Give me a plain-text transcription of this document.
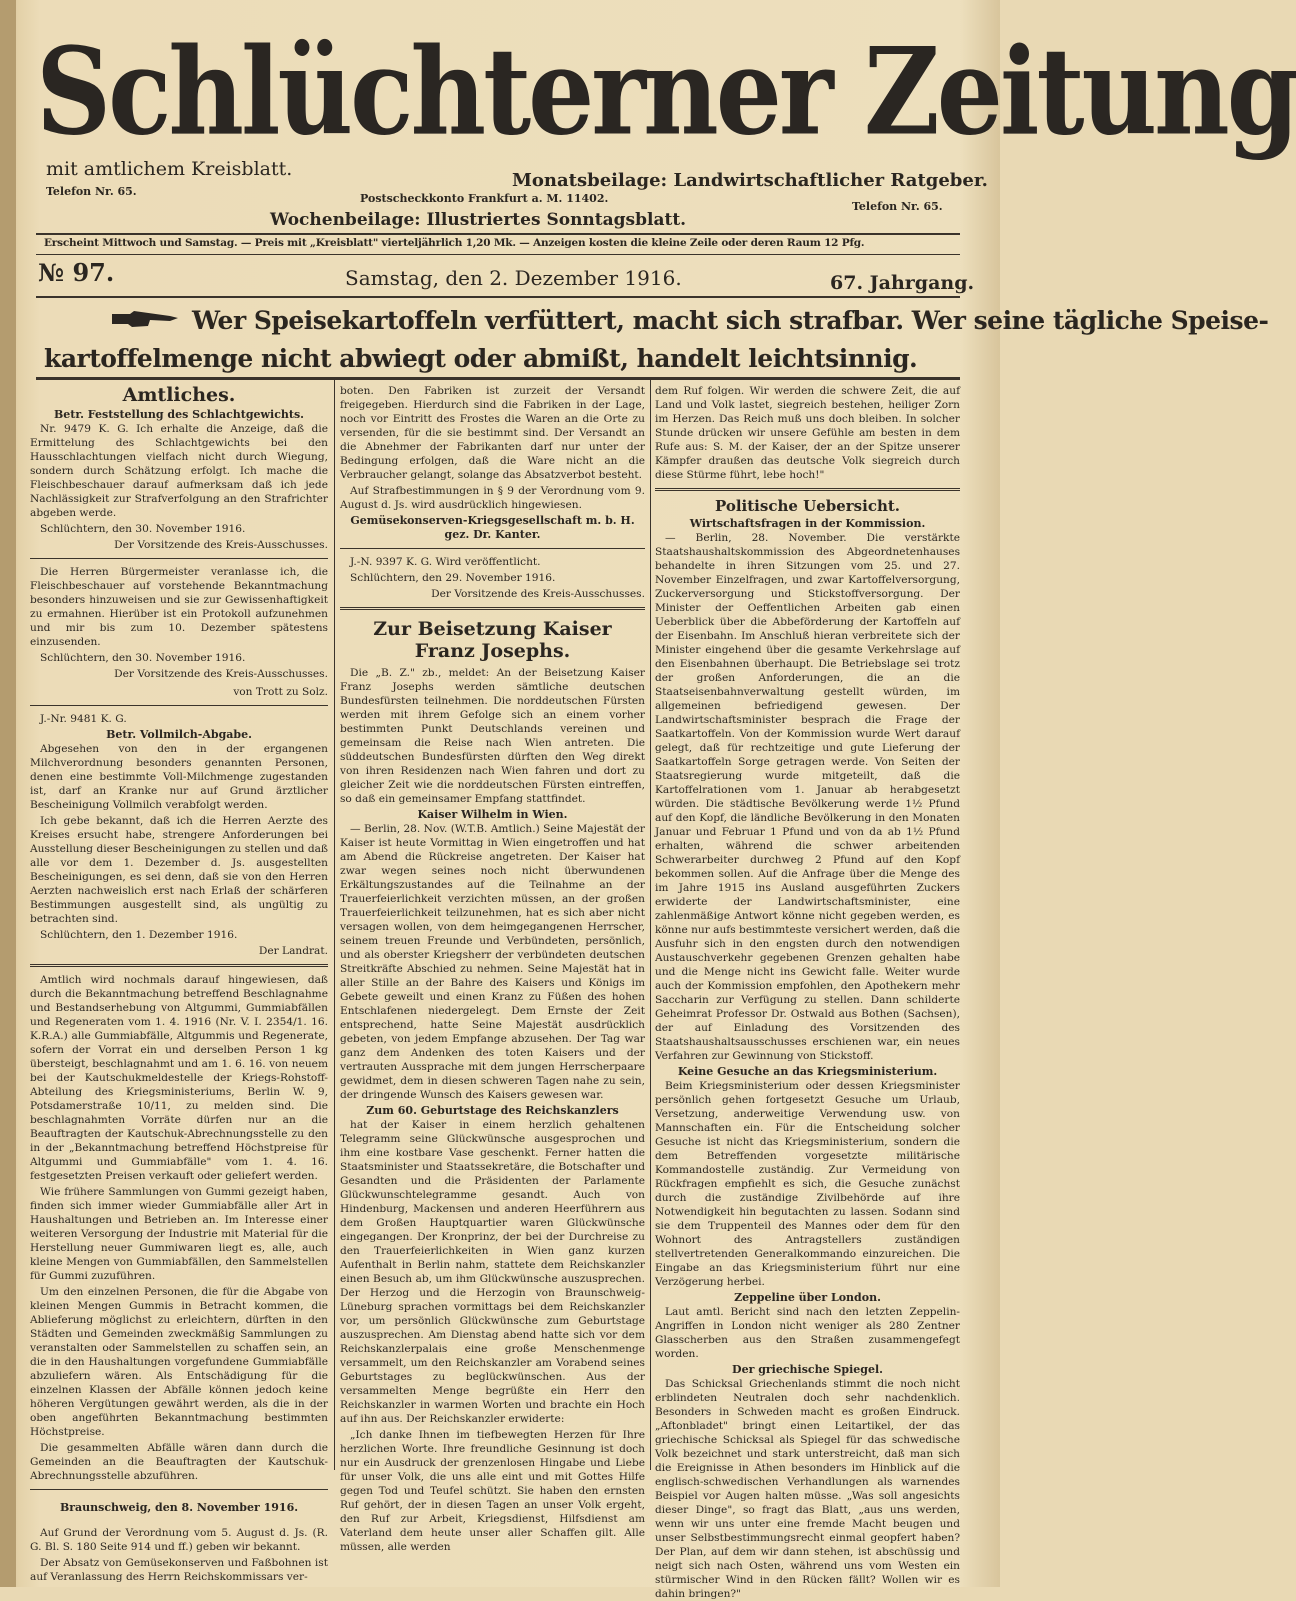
Schlüchterner Zeitung
mit amtlichem Kreisblatt.
Telefon Nr. 65.
Monatsbeilage: Landwirtschaftlicher Ratgeber.
Postscheckkonto Frankfurt a. M. 11402.
Telefon Nr. 65.
Wochenbeilage: Illustriertes Sonntagsblatt.
Erscheint Mittwoch und Samstag. — Preis mit „Kreisblatt" vierteljährlich 1,20 Mk. — Anzeigen kosten die kleine Zeile oder deren Raum 12 Pfg.
№ 97.	Samstag, den 2. Dezember 1916.	67. Jahrgang.
Wer Speisekartoffeln verfüttert, macht sich strafbar. Wer seine tägliche Speise-
kartoffelmenge nicht abwiegt oder abmißt, handelt leichtsinnig.
Amtliches.
Betr. Feststellung des Schlachtgewichts.

Nr. 9479 K. G. Ich erhalte die Anzeige, daß die Ermittelung des Schlachtgewichts bei den Hausschlachtungen vielfach nicht durch Wiegung, sondern durch Schätzung erfolgt. Ich mache die Fleischbeschauer darauf aufmerksam daß ich jede Nachlässigkeit zur Strafverfolgung an den Strafrichter abgeben werde.

Schlüchtern, den 30. November 1916.

Der Vorsitzende des Kreis-Ausschusses.

Die Herren Bürgermeister veranlasse ich, die Fleischbeschauer auf vorstehende Bekanntmachung besonders hinzuweisen und sie zur Gewissenhaftigkeit zu ermahnen. Hierüber ist ein Protokoll aufzunehmen und mir bis zum 10. Dezember spätestens einzusenden.

Schlüchtern, den 30. November 1916.

Der Vorsitzende des Kreis-Ausschusses.

von Trott zu Solz.

J.-Nr. 9481 K. G.

Betr. Vollmilch-Abgabe.

Abgesehen von den in der ergangenen Milchverordnung besonders genannten Personen, denen eine bestimmte Voll-Milchmenge zugestanden ist, darf an Kranke nur auf Grund ärztlicher Bescheinigung Vollmilch verabfolgt werden.

Ich gebe bekannt, daß ich die Herren Aerzte des Kreises ersucht habe, strengere Anforderungen bei Ausstellung dieser Bescheinigungen zu stellen und daß alle vor dem 1. Dezember d. Js. ausgestellten Bescheinigungen, es sei denn, daß sie von den Herren Aerzten nachweislich erst nach Erlaß der schärferen Bestimmungen ausgestellt sind, als ungültig zu betrachten sind.

Schlüchtern, den 1. Dezember 1916.

Der Landrat.

Amtlich wird nochmals darauf hingewiesen, daß durch die Bekanntmachung betreffend Beschlagnahme und Bestandserhebung von Altgummi, Gummiabfällen und Regeneraten vom 1. 4. 1916 (Nr. V. I. 2354/1. 16. K.R.A.) alle Gummiabfälle, Altgummis und Regenerate, sofern der Vorrat ein und derselben Person 1 kg übersteigt, beschlagnahmt und am 1. 6. 16. von neuem bei der Kautschukmeldestelle der Kriegs-Rohstoff-Abteilung des Kriegsministeriums, Berlin W. 9, Potsdamerstraße 10/11, zu melden sind. Die beschlagnahmten Vorräte dürfen nur an die Beauftragten der Kautschuk-Abrechnungsstelle zu den in der „Bekanntmachung betreffend Höchstpreise für Altgummi und Gummiabfälle" vom 1. 4. 16. festgesetzten Preisen verkauft oder geliefert werden.

Wie frühere Sammlungen von Gummi gezeigt haben, finden sich immer wieder Gummiabfälle aller Art in Haushaltungen und Betrieben an. Im Interesse einer weiteren Versorgung der Industrie mit Material für die Herstellung neuer Gummiwaren liegt es, alle, auch kleine Mengen von Gummiabfällen, den Sammelstellen für Gummi zuzuführen.

Um den einzelnen Personen, die für die Abgabe von kleinen Mengen Gummis in Betracht kommen, die Ablieferung möglichst zu erleichtern, dürften in den Städten und Gemeinden zweckmäßig Sammlungen zu veranstalten oder Sammelstellen zu schaffen sein, an die in den Haushaltungen vorgefundene Gummiabfälle abzuliefern wären. Als Entschädigung für die einzelnen Klassen der Abfälle können jedoch keine höheren Vergütungen gewährt werden, als die in der oben angeführten Bekanntmachung bestimmten Höchstpreise.

Die gesammelten Abfälle wären dann durch die Gemeinden an die Beauftragten der Kautschuk-Abrechnungsstelle abzuführen.

Braunschweig, den 8. November 1916.

Auf Grund der Verordnung vom 5. August d. Js. (R. G. Bl. S. 180 Seite 914 und ff.) geben wir bekannt.

Der Absatz von Gemüsekonserven und Faßbohnen ist auf Veranlassung des Herrn Reichskommissars ver-

boten. Den Fabriken ist zurzeit der Versandt freigegeben. Hierdurch sind die Fabriken in der Lage, noch vor Eintritt des Frostes die Waren an die Orte zu versenden, für die sie bestimmt sind. Der Versandt an die Abnehmer der Fabrikanten darf nur unter der Bedingung erfolgen, daß die Ware nicht an die Verbraucher gelangt, solange das Absatzverbot besteht.

Auf Strafbestimmungen in § 9 der Verordnung vom 9. August d. Js. wird ausdrücklich hingewiesen.

Gemüsekonserven-Kriegsgesellschaft m. b. H.
gez. Dr. Kanter.

J.-N. 9397 K. G. Wird veröffentlicht.

Schlüchtern, den 29. November 1916.

Der Vorsitzende des Kreis-Ausschusses.

Zur Beisetzung Kaiser Franz Josephs.

Die „B. Z." zb., meldet: An der Beisetzung Kaiser Franz Josephs werden sämtliche deutschen Bundesfürsten teilnehmen. Die norddeutschen Fürsten werden mit ihrem Gefolge sich an einem vorher bestimmten Punkt Deutschlands vereinen und gemeinsam die Reise nach Wien antreten. Die süddeutschen Bundesfürsten dürften den Weg direkt von ihren Residenzen nach Wien fahren und dort zu gleicher Zeit wie die norddeutschen Fürsten eintreffen, so daß ein gemeinsamer Empfang stattfindet.

Kaiser Wilhelm in Wien.

— Berlin, 28. Nov. (W.T.B. Amtlich.) Seine Majestät der Kaiser ist heute Vormittag in Wien eingetroffen und hat am Abend die Rückreise angetreten. Der Kaiser hat zwar wegen seines noch nicht überwundenen Erkältungszustandes auf die Teilnahme an der Trauerfeierlichkeit verzichten müssen, an der großen Trauerfeierlichkeit teilzunehmen, hat es sich aber nicht versagen wollen, von dem heimgegangenen Herrscher, seinem treuen Freunde und Verbündeten, persönlich, und als oberster Kriegsherr der verbündeten deutschen Streitkräfte Abschied zu nehmen. Seine Majestät hat in aller Stille an der Bahre des Kaisers und Königs im Gebete geweilt und einen Kranz zu Füßen des hohen Entschlafenen niedergelegt. Dem Ernste der Zeit entsprechend, hatte Seine Majestät ausdrücklich gebeten, von jedem Empfange abzusehen. Der Tag war ganz dem Andenken des toten Kaisers und der vertrauten Aussprache mit dem jungen Herrscherpaare gewidmet, dem in diesen schweren Tagen nahe zu sein, der dringende Wunsch des Kaisers gewesen war.

Zum 60. Geburtstage des Reichskanzlers

hat der Kaiser in einem herzlich gehaltenen Telegramm seine Glückwünsche ausgesprochen und ihm eine kostbare Vase geschenkt. Ferner hatten die Staatsminister und Staatssekretäre, die Botschafter und Gesandten und die Präsidenten der Parlamente Glückwunschtelegramme gesandt. Auch von Hindenburg, Mackensen und anderen Heerführern aus dem Großen Hauptquartier waren Glückwünsche eingegangen. Der Kronprinz, der bei der Durchreise zu den Trauerfeierlichkeiten in Wien ganz kurzen Aufenthalt in Berlin nahm, stattete dem Reichskanzler einen Besuch ab, um ihm Glückwünsche auszusprechen. Der Herzog und die Herzogin von Braunschweig-Lüneburg sprachen vormittags bei dem Reichskanzler vor, um persönlich Glückwünsche zum Geburtstage auszusprechen. Am Dienstag abend hatte sich vor dem Reichskanzlerpalais eine große Menschenmenge versammelt, um den Reichskanzler am Vorabend seines Geburtstages zu beglückwünschen. Aus der versammelten Menge begrüßte ein Herr den Reichskanzler in warmen Worten und brachte ein Hoch auf ihn aus. Der Reichskanzler erwiderte:

„Ich danke Ihnen im tiefbewegten Herzen für Ihre herzlichen Worte. Ihre freundliche Gesinnung ist doch nur ein Ausdruck der grenzenlosen Hingabe und Liebe für unser Volk, die uns alle eint und mit Gottes Hilfe gegen Tod und Teufel schützt. Sie haben den ernsten Ruf gehört, der in diesen Tagen an unser Volk ergeht, den Ruf zur Arbeit, Kriegsdienst, Hilfsdienst am Vaterland dem heute unser aller Schaffen gilt. Alle müssen, alle werden

dem Ruf folgen. Wir werden die schwere Zeit, die auf Land und Volk lastet, siegreich bestehen, heiliger Zorn im Herzen. Das Reich muß uns doch bleiben. In solcher Stunde drücken wir unsere Gefühle am besten in dem Rufe aus: S. M. der Kaiser, der an der Spitze unserer Kämpfer draußen das deutsche Volk siegreich durch diese Stürme führt, lebe hoch!"

Politische Uebersicht.
Wirtschaftsfragen in der Kommission.

— Berlin, 28. November. Die verstärkte Staatshaushaltskommission des Abgeordnetenhauses behandelte in ihren Sitzungen vom 25. und 27. November Einzelfragen, und zwar Kartoffelversorgung, Zuckerversorgung und Stickstoffversorgung. Der Minister der Oeffentlichen Arbeiten gab einen Ueberblick über die Abbeförderung der Kartoffeln auf der Eisenbahn. Im Anschluß hieran verbreitete sich der Minister eingehend über die gesamte Verkehrslage auf den Eisenbahnen überhaupt. Die Betriebslage sei trotz der großen Anforderungen, die an die Staatseisenbahnverwaltung gestellt würden, im allgemeinen befriedigend gewesen. Der Landwirtschaftsminister besprach die Frage der Saatkartoffeln. Von der Kommission wurde Wert darauf gelegt, daß für rechtzeitige und gute Lieferung der Saatkartoffeln Sorge getragen werde. Von Seiten der Staatsregierung wurde mitgeteilt, daß die Kartoffelrationen vom 1. Januar ab herabgesetzt würden. Die städtische Bevölkerung werde 1½ Pfund auf den Kopf, die ländliche Bevölkerung in den Monaten Januar und Februar 1 Pfund und von da ab 1½ Pfund erhalten, während die schwer arbeitenden Schwerarbeiter durchweg 2 Pfund auf den Kopf bekommen sollen. Auf die Anfrage über die Menge des im Jahre 1915 ins Ausland ausgeführten Zuckers erwiderte der Landwirtschaftsminister, eine zahlenmäßige Antwort könne nicht gegeben werden, es könne nur aufs bestimmteste versichert werden, daß die Ausfuhr sich in den engsten durch den notwendigen Austauschverkehr gegebenen Grenzen gehalten habe und die Menge nicht ins Gewicht falle. Weiter wurde auch der Kommission empfohlen, den Apothekern mehr Saccharin zur Verfügung zu stellen. Dann schilderte Geheimrat Professor Dr. Ostwald aus Bothen (Sachsen), der auf Einladung des Vorsitzenden des Staatshaushaltsausschusses erschienen war, ein neues Verfahren zur Gewinnung von Stickstoff.

Keine Gesuche an das Kriegsministerium.

Beim Kriegsministerium oder dessen Kriegsminister persönlich gehen fortgesetzt Gesuche um Urlaub, Versetzung, anderweitige Verwendung usw. von Mannschaften ein. Für die Entscheidung solcher Gesuche ist nicht das Kriegsministerium, sondern die dem Betreffenden vorgesetzte militärische Kommandostelle zuständig. Zur Vermeidung von Rückfragen empfiehlt es sich, die Gesuche zunächst durch die zuständige Zivilbehörde auf ihre Notwendigkeit hin begutachten zu lassen. Sodann sind sie dem Truppenteil des Mannes oder dem für den Wohnort des Antragstellers zuständigen stellvertretenden Generalkommando einzureichen. Die Eingabe an das Kriegsministerium führt nur eine Verzögerung herbei.

Zeppeline über London.

Laut amtl. Bericht sind nach den letzten Zeppelin-Angriffen in London nicht weniger als 280 Zentner Glasscherben aus den Straßen zusammengefegt worden.

Der griechische Spiegel.

Das Schicksal Griechenlands stimmt die noch nicht erblindeten Neutralen doch sehr nachdenklich. Besonders in Schweden macht es großen Eindruck. „Aftonbladet" bringt einen Leitartikel, der das griechische Schicksal als Spiegel für das schwedische Volk bezeichnet und stark unterstreicht, daß man sich die Ereignisse in Athen besonders im Hinblick auf die englisch-schwedischen Verhandlungen als warnendes Beispiel vor Augen halten müsse. „Was soll angesichts dieser Dinge", so fragt das Blatt, „aus uns werden, wenn wir uns unter eine fremde Macht beugen und unser Selbstbestimmungsrecht einmal geopfert haben? Der Plan, auf dem wir dann stehen, ist abschüssig und neigt sich nach Osten, während uns vom Westen ein stürmischer Wind in den Rücken fällt? Wollen wir es dahin bringen?"
